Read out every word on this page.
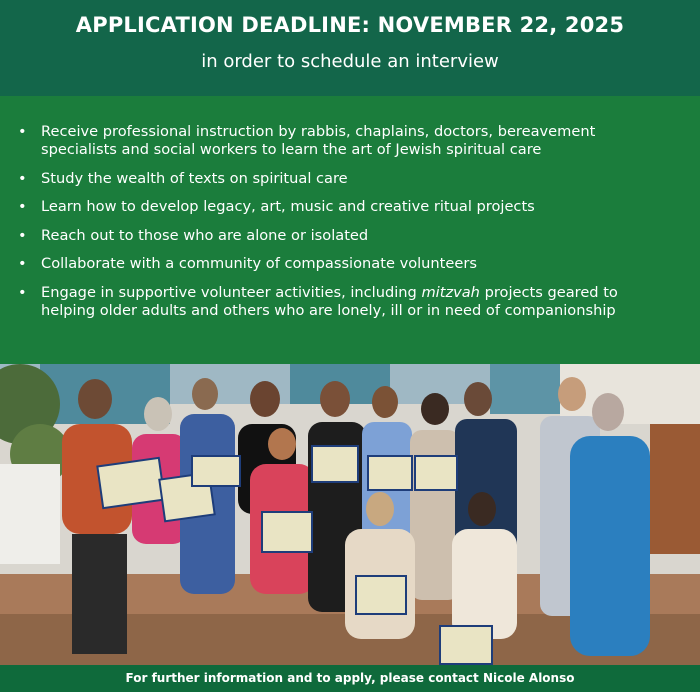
APPLICATION DEADLINE: NOVEMBER 22, 2025
in order to schedule an interview
• Receive professional instruction by rabbis, chaplains, doctors, bereavement specialists and social workers to learn the art of Jewish spiritual care
• Study the wealth of texts on spiritual care
• Learn how to develop legacy, art, music and creative ritual projects
• Reach out to those who are alone or isolated
• Collaborate with a community of compassionate volunteers
• Engage in supportive volunteer activities, including mitzvah projects geared to helping older adults and others who are lonely, ill or in need of companionship
For further information and to apply, please contact Nicole Alonso
